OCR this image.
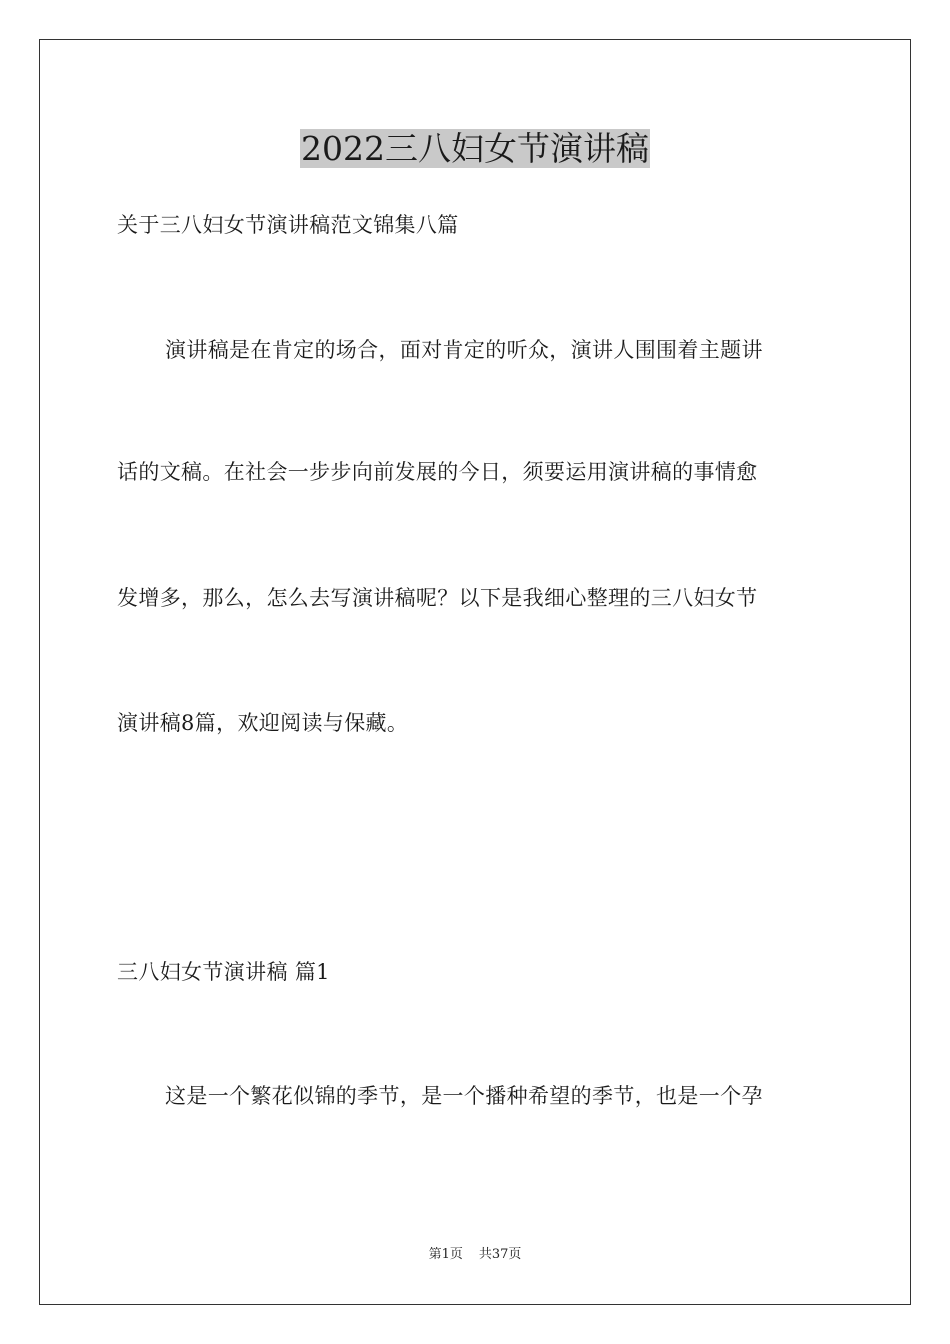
2022三八妇女节演讲稿
关于三八妇女节演讲稿范文锦集八篇
演讲稿是在肯定的场合，面对肯定的听众，演讲人围围着主题讲
话的文稿。在社会一步步向前发展的今日，须要运用演讲稿的事情愈
发增多，那么，怎么去写演讲稿呢？以下是我细心整理的三八妇女节
演讲稿8篇，欢迎阅读与保藏。
三八妇女节演讲稿 篇1
这是一个繁花似锦的季节，是一个播种希望的季节，也是一个孕
第1页 共37页
